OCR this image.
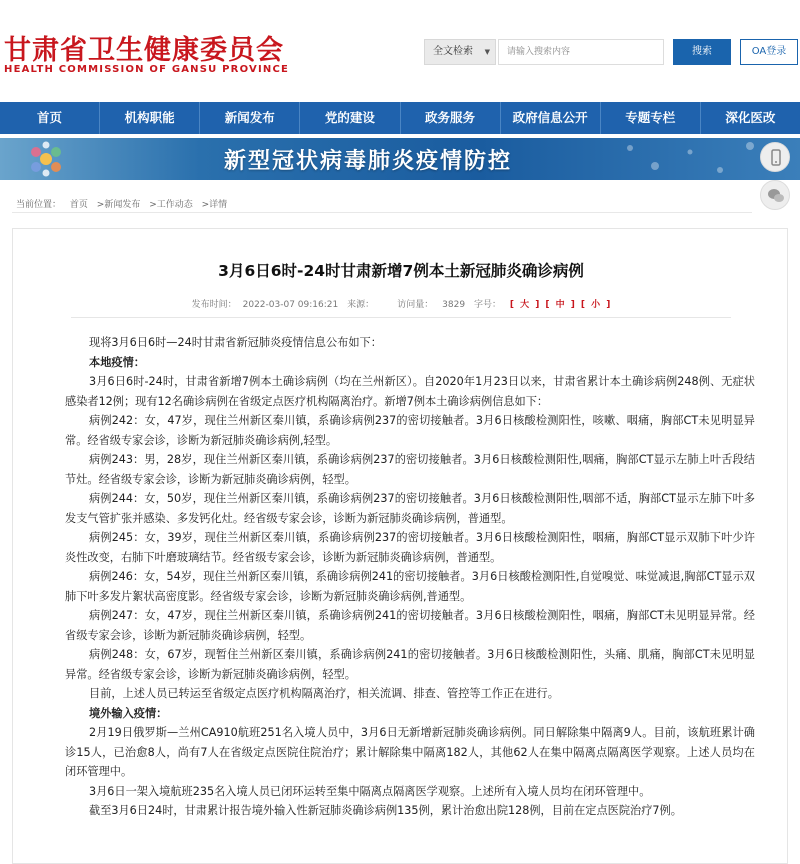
甘肃省卫生健康委员会
HEALTH COMMISSION OF GANSU PROVINCE
全文检索 ▼	请输入搜索内容	搜索	OA登录
首页	机构职能	新闻发布	党的建设	政务服务	政府信息公开	专题专栏	深化医改
新型冠状病毒肺炎疫情防控
当前位置： 首页 >新闻发布 >工作动态 >详情
3月6日6时-24时甘肃新增7例本土新冠肺炎确诊病例
发布时间： 2022-03-07 09:16:21 来源：	访问量： 3829 字号： [ 大 ] [ 中 ] [ 小 ]

现将3月6日6时—24时甘肃省新冠肺炎疫情信息公布如下：

本地疫情：

3月6日6时-24时，甘肃省新增7例本土确诊病例（均在兰州新区）。自2020年1月23日以来，甘肃省累计本土确诊病例248例、无症状感染者12例；现有12名确诊病例在省级定点医疗机构隔离治疗。新增7例本土确诊病例信息如下：

病例242：女，47岁，现住兰州新区秦川镇，系确诊病例237的密切接触者。3月6日核酸检测阳性，咳嗽、咽痛，胸部CT未见明显异常。经省级专家会诊，诊断为新冠肺炎确诊病例,轻型。

病例243：男，28岁，现住兰州新区秦川镇，系确诊病例237的密切接触者。3月6日核酸检测阳性,咽痛，胸部CT显示左肺上叶舌段结节灶。经省级专家会诊，诊断为新冠肺炎确诊病例，轻型。

病例244：女，50岁，现住兰州新区秦川镇，系确诊病例237的密切接触者。3月6日核酸检测阳性,咽部不适，胸部CT显示左肺下叶多发支气管扩张并感染、多发钙化灶。经省级专家会诊，诊断为新冠肺炎确诊病例，普通型。

病例245：女，39岁，现住兰州新区秦川镇，系确诊病例237的密切接触者。3月6日核酸检测阳性，咽痛，胸部CT显示双肺下叶少许炎性改变，右肺下叶磨玻璃结节。经省级专家会诊，诊断为新冠肺炎确诊病例，普通型。

病例246：女，54岁，现住兰州新区秦川镇，系确诊病例241的密切接触者。3月6日核酸检测阳性,自觉嗅觉、味觉减退,胸部CT显示双肺下叶多发片絮状高密度影。经省级专家会诊，诊断为新冠肺炎确诊病例,普通型。

病例247：女，47岁，现住兰州新区秦川镇，系确诊病例241的密切接触者。3月6日核酸检测阳性，咽痛，胸部CT未见明显异常。经省级专家会诊，诊断为新冠肺炎确诊病例，轻型。

病例248：女，67岁，现暂住兰州新区秦川镇，系确诊病例241的密切接触者。3月6日核酸检测阳性，头痛、肌痛，胸部CT未见明显异常。经省级专家会诊，诊断为新冠肺炎确诊病例，轻型。

目前，上述人员已转运至省级定点医疗机构隔离治疗，相关流调、排查、管控等工作正在进行。

境外输入疫情：

2月19日俄罗斯—兰州CA910航班251名入境人员中，3月6日无新增新冠肺炎确诊病例。同日解除集中隔离9人。目前，该航班累计确诊15人，已治愈8人，尚有7人在省级定点医院住院治疗；累计解除集中隔离182人，其他62人在集中隔离点隔离医学观察。上述人员均在闭环管理中。

3月6日一架入境航班235名入境人员已闭环运转至集中隔离点隔离医学观察。上述所有入境人员均在闭环管理中。

截至3月6日24时，甘肃累计报告境外输入性新冠肺炎确诊病例135例，累计治愈出院128例，目前在定点医院治疗7例。
